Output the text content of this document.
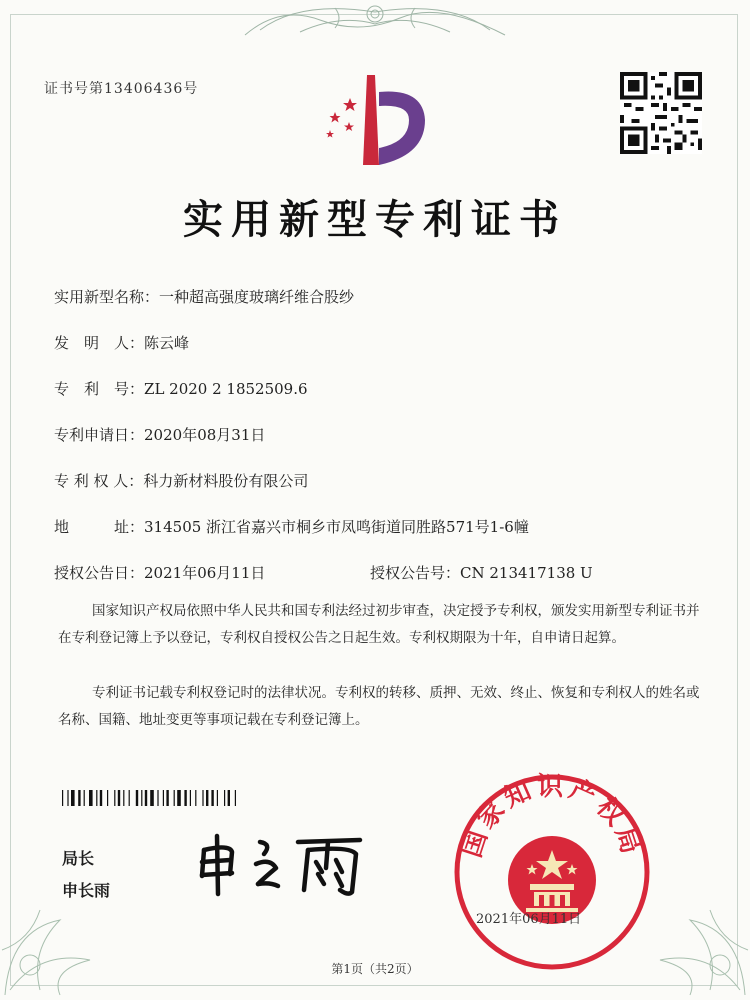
证书号第13406436号
实用新型专利证书
实用新型名称：一种超高强度玻璃纤维合股纱
发　明　人：陈云峰
专　利　号：ZL 2020 2 1852509.6
专利申请日：2020年08月31日
专 利 权 人：科力新材料股份有限公司
地　　　址：314505 浙江省嘉兴市桐乡市凤鸣街道同胜路571号1-6幢
授权公告日：2021年06月11日	授权公告号：CN 213417138 U
国家知识产权局依照中华人民共和国专利法经过初步审查，决定授予专利权，颁发实用新型专利证书并在专利登记簿上予以登记，专利权自授权公告之日起生效。专利权期限为十年，自申请日起算。
专利证书记载专利权登记时的法律状况。专利权的转移、质押、无效、终止、恢复和专利权人的姓名或名称、国籍、地址变更等事项记载在专利登记簿上。
局长
申长雨
国家知识产权局
2021年06月11日
第1页（共2页）
